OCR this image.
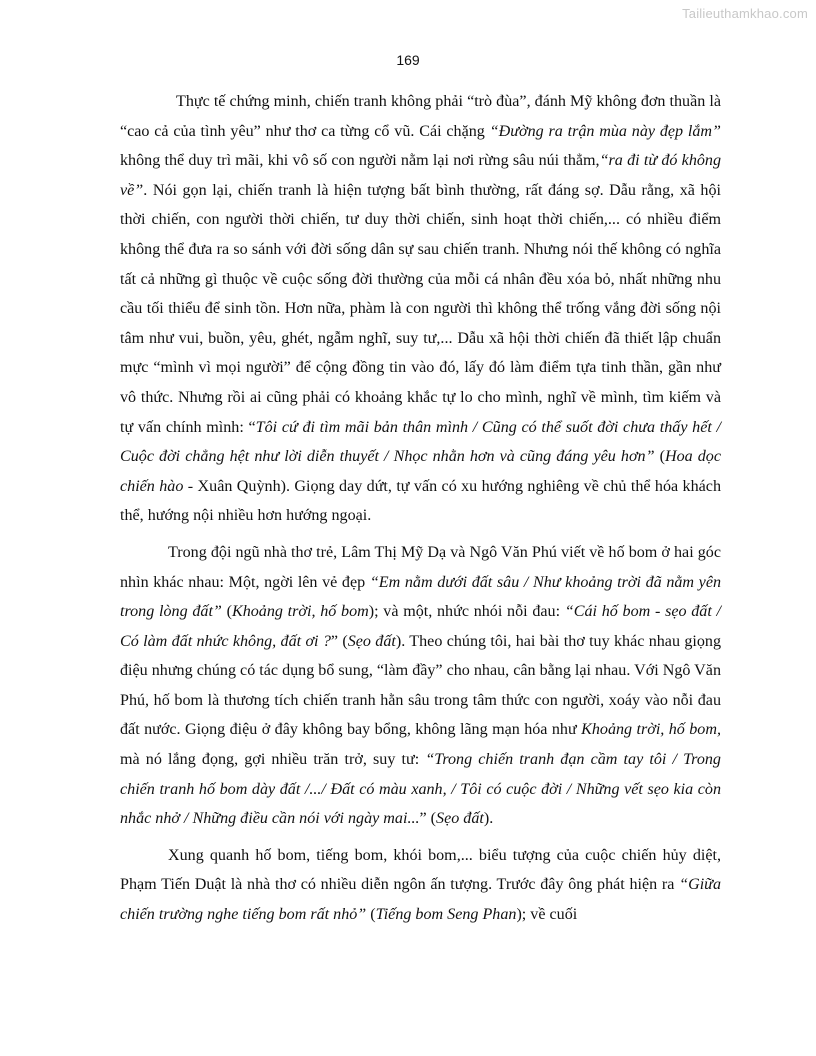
Tailieuthamkhao.com
169

Thực tế chứng minh, chiến tranh không phải “trò đùa”, đánh Mỹ không đơn thuần là “cao cả của tình yêu” như thơ ca từng cổ vũ. Cái chặng “Đường ra trận mùa này đẹp lắm” không thể duy trì mãi, khi vô số con người nằm lại nơi rừng sâu núi thẳm,“ra đi từ đó không về”. Nói gọn lại, chiến tranh là hiện tượng bất bình thường, rất đáng sợ. Dẫu rằng, xã hội thời chiến, con người thời chiến, tư duy thời chiến, sinh hoạt thời chiến,... có nhiều điểm không thể đưa ra so sánh với đời sống dân sự sau chiến tranh. Nhưng nói thế không có nghĩa tất cả những gì thuộc về cuộc sống đời thường của mỗi cá nhân đều xóa bỏ, nhất những nhu cầu tối thiểu để sinh tồn. Hơn nữa, phàm là con người thì không thể trống vắng đời sống nội tâm như vui, buồn, yêu, ghét, ngẫm nghĩ, suy tư,... Dẫu xã hội thời chiến đã thiết lập chuẩn mực “mình vì mọi người” để cộng đồng tin vào đó, lấy đó làm điểm tựa tinh thần, gần như vô thức. Nhưng rồi ai cũng phải có khoảng khắc tự lo cho mình, nghĩ về mình, tìm kiếm và tự vấn chính mình: “Tôi cứ đi tìm mãi bản thân mình / Cũng có thể suốt đời chưa thấy hết / Cuộc đời chẳng hệt như lời diễn thuyết / Nhọc nhằn hơn và cũng đáng yêu hơn” (Hoa dọc chiến hào - Xuân Quỳnh). Giọng day dứt, tự vấn có xu hướng nghiêng về chủ thể hóa khách thể, hướng nội nhiều hơn hướng ngoại.

Trong đội ngũ nhà thơ trẻ, Lâm Thị Mỹ Dạ và Ngô Văn Phú viết về hố bom ở hai góc nhìn khác nhau: Một, ngời lên vẻ đẹp “Em nằm dưới đất sâu / Như khoảng trời đã nằm yên trong lòng đất” (Khoảng trời, hố bom); và một, nhức nhói nỗi đau: “Cái hố bom - sẹo đất / Có làm đất nhức không, đất ơi ?” (Sẹo đất). Theo chúng tôi, hai bài thơ tuy khác nhau giọng điệu nhưng chúng có tác dụng bổ sung, “làm đầy” cho nhau, cân bằng lại nhau. Với Ngô Văn Phú, hố bom là thương tích chiến tranh hằn sâu trong tâm thức con người, xoáy vào nỗi đau đất nước. Giọng điệu ở đây không bay bổng, không lãng mạn hóa như Khoảng trời, hố bom, mà nó lắng đọng, gợi nhiều trăn trở, suy tư: “Trong chiến tranh đạn cầm tay tôi / Trong chiến tranh hố bom dày đất /.../ Đất có màu xanh, / Tôi có cuộc đời / Những vết sẹo kia còn nhắc nhở / Những điều cần nói với ngày mai...” (Sẹo đất).

Xung quanh hố bom, tiếng bom, khói bom,... biểu tượng của cuộc chiến hủy diệt, Phạm Tiến Duật là nhà thơ có nhiều diễn ngôn ấn tượng. Trước đây ông phát hiện ra “Giữa chiến trường nghe tiếng bom rất nhỏ” (Tiếng bom Seng Phan); về cuối
